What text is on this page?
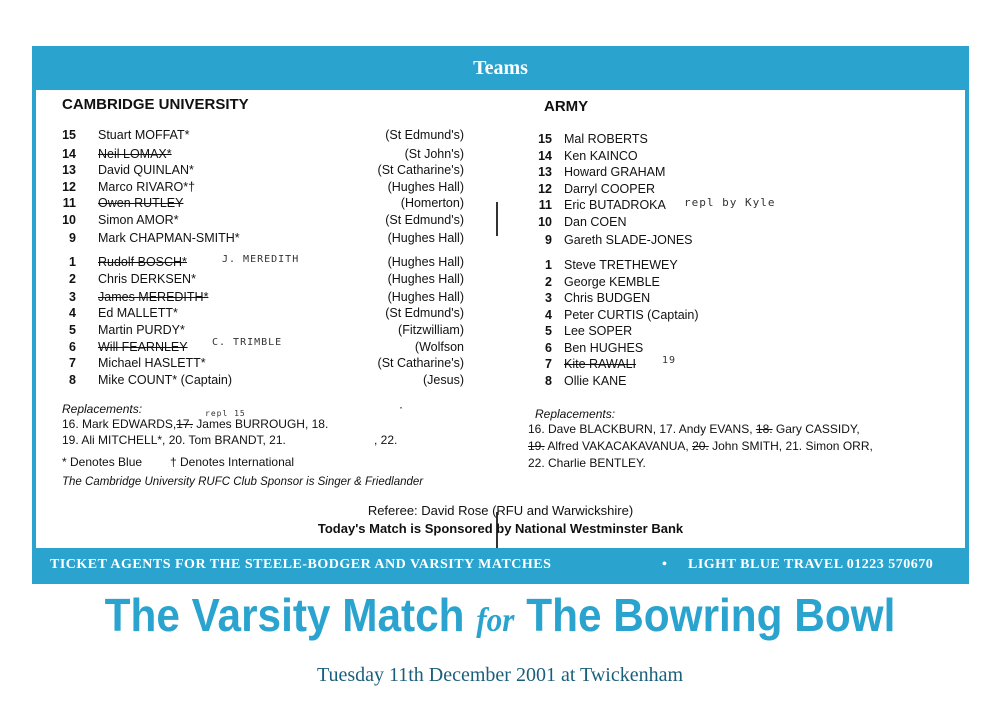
Teams
CAMBRIDGE UNIVERSITY	ARMY
15 Stuart MOFFAT*	(St Edmund's)
14 Neil LOMAX*	(St John's)
13 David QUINLAN*	(St Catharine's)
12 Marco RIVARO*†	(Hughes Hall)
11 Owen RUTLEY	(Homerton)
10 Simon AMOR*	(St Edmund's)
9 Mark CHAPMAN-SMITH*	(Hughes Hall)
1 Rudolf BOSCH*	(Hughes Hall)
2 Chris DERKSEN*	(Hughes Hall)
3 James MEREDITH*	(Hughes Hall)
4 Ed MALLETT*	(St Edmund's)
5 Martin PURDY*	(Fitzwilliam)
6 Will FEARNLEY	(Wolfson
7 Michael HASLETT*	(St Catharine's)
8 Mike COUNT* (Captain)	(Jesus)
15 Mal ROBERTS
14 Ken KAINCO
13 Howard GRAHAM
12 Darryl COOPER
11 Eric BUTADROKA
10 Dan COEN
9 Gareth SLADE-JONES
1 Steve TRETHEWEY
2 George KEMBLE
3 Chris BUDGEN
4 Peter CURTIS (Captain)
5 Lee SOPER
6 Ben HUGHES
7 Kite RAWALI
8 Ollie KANE
J. MEREDITH
C. TRIMBLE
repl 15	·
repl by Kyle
19
Replacements:
16. Mark EDWARDS,17. James BURROUGH, 18.
19. Ali MITCHELL*, 20. Tom BRANDT, 21.	, 22.
* Denotes Blue † Denotes International
The Cambridge University RUFC Club Sponsor is Singer & Friedlander
Replacements:
16. Dave BLACKBURN, 17. Andy EVANS, 18. Gary CASSIDY,
19. Alfred VAKACAKAVANUA, 20. John SMITH, 21. Simon ORR,
22. Charlie BENTLEY.
Referee: David Rose (RFU and Warwickshire)
Today's Match is Sponsored by National Westminster Bank
TICKET AGENTS FOR THE STEELE-BODGER AND VARSITY MATCHES	• LIGHT BLUE TRAVEL 01223 570670
The Varsity Match for The Bowring Bowl
Tuesday 11th December 2001 at Twickenham
